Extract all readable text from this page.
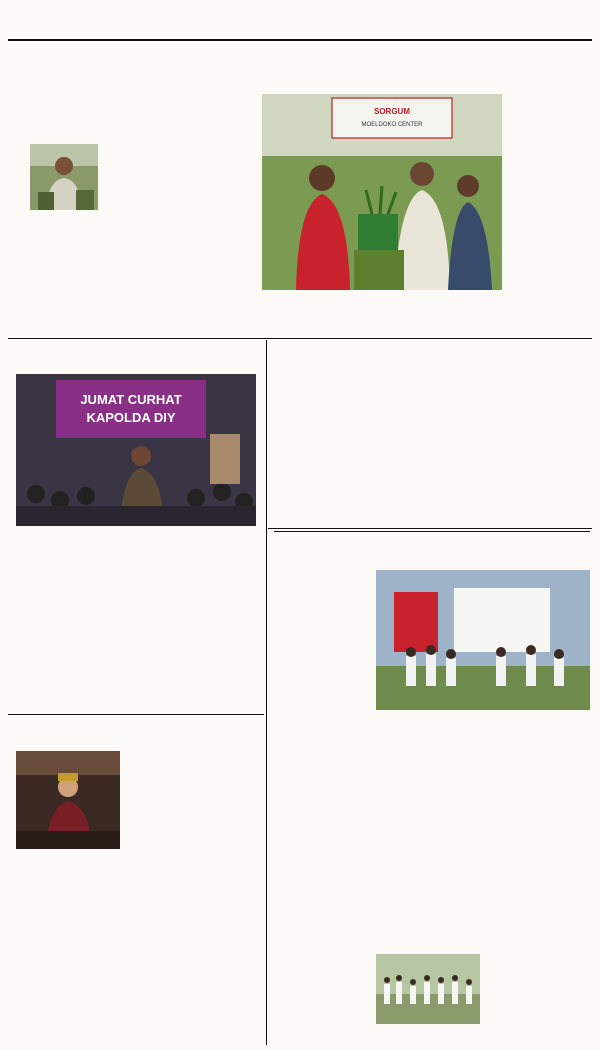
SORGUM
MOELDOKO CENTER

JUMAT CURHAT
KAPOLDA DIY
